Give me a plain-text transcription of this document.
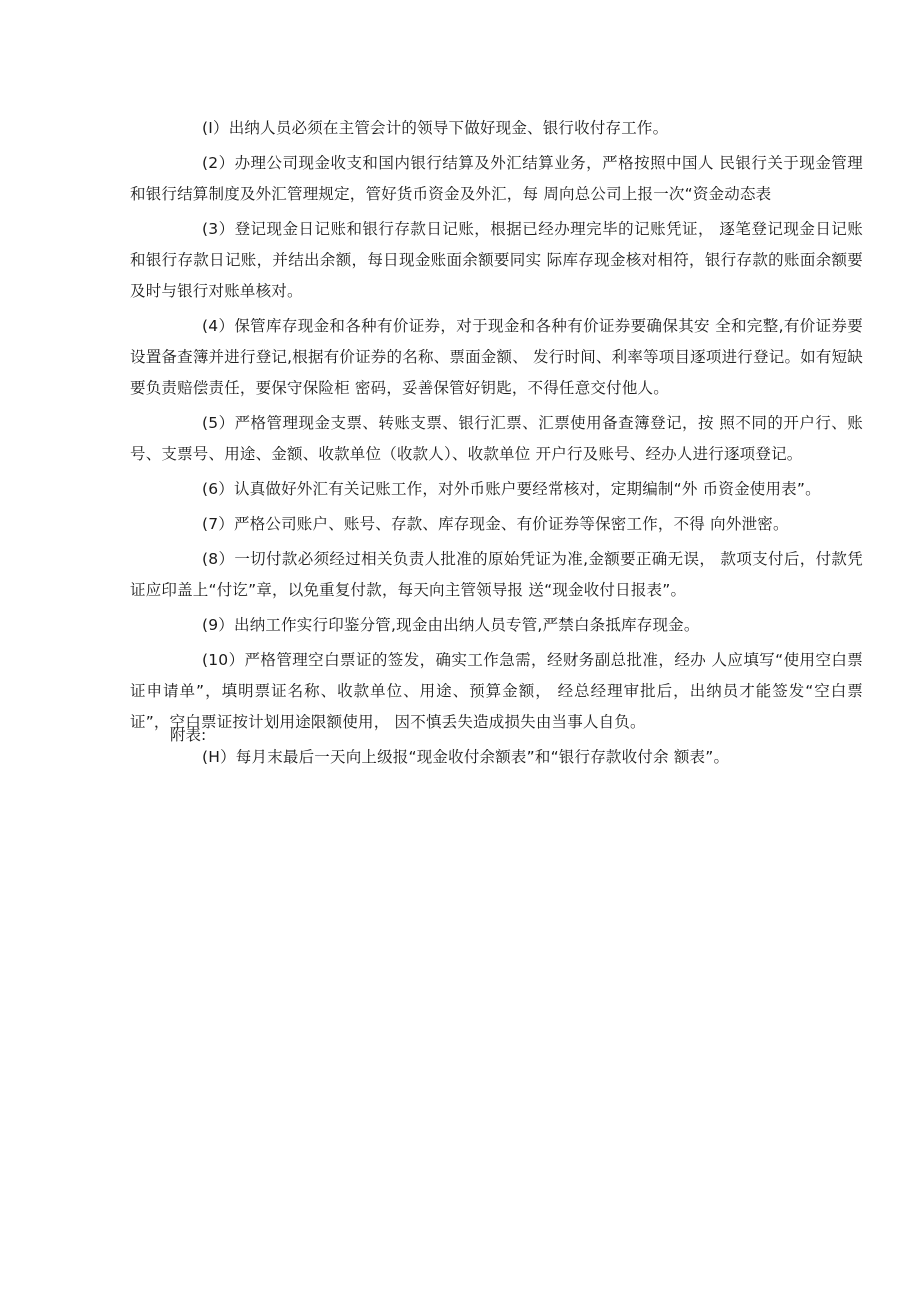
(I）出纳人员必须在主管会计的领导下做好现金、银行收付存工作。

(2）办理公司现金收支和国内银行结算及外汇结算业务，严格按照中国人 民银行关于现金管理和银行结算制度及外汇管理规定，管好货币资金及外汇，每 周向总公司上报一次“资金动态表

(3）登记现金日记账和银行存款日记账，根据已经办理完毕的记账凭证， 逐笔登记现金日记账和银行存款日记账，并结出余额，每日现金账面余额要同实 际库存现金核对相符，银行存款的账面余额要及时与银行对账单核对。

(4）保管库存现金和各种有价证券，对于现金和各种有价证券要确保其安 全和完整,有价证券要设置备查簿并进行登记,根据有价证券的名称、票面金额、 发行时间、利率等项目逐项进行登记。如有短缺要负责赔偿责任，要保守保险柜 密码，妥善保管好钥匙，不得任意交付他人。

(5）严格管理现金支票、转账支票、银行汇票、汇票使用备查簿登记，按 照不同的开户行、账号、支票号、用途、金额、收款单位（收款人）、收款单位 开户行及账号、经办人进行逐项登记。

(6）认真做好外汇有关记账工作，对外币账户要经常核对，定期编制“外 币资金使用表”。

(7）严格公司账户、账号、存款、库存现金、有价证券等保密工作，不得 向外泄密。

(8）一切付款必须经过相关负责人批准的原始凭证为准,金额要正确无误， 款项支付后，付款凭证应印盖上“付讫”章，以免重复付款，每天向主管领导报 送“现金收付日报表”。

(9）出纳工作实行印鉴分管,现金由出纳人员专管,严禁白条抵库存现金。

(10）严格管理空白票证的签发，确实工作急需，经财务副总批准，经办 人应填写“使用空白票证申请单”，填明票证名称、收款单位、用途、预算金额， 经总经理审批后，出纳员才能签发“空白票证”，空白票证按计划用途限额使用， 因不慎丢失造成损失由当事人自负。

(H）每月末最后一天向上级报“现金收付余额表”和“银行存款收付余 额表”。

附表:
